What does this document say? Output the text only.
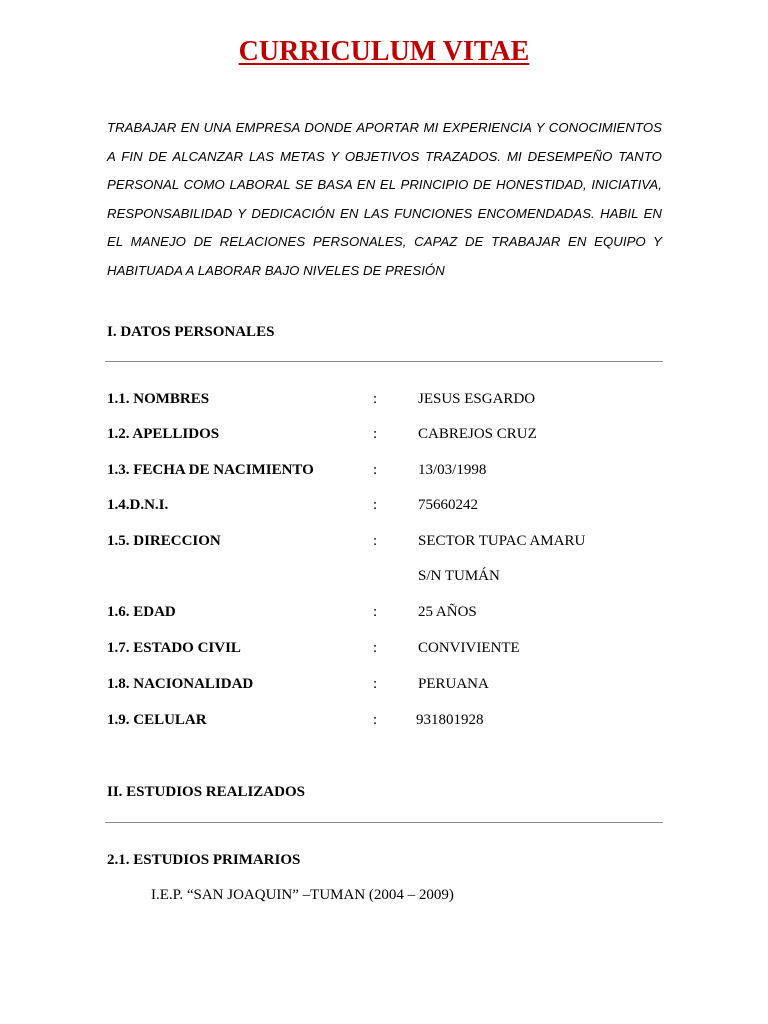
CURRICULUM VITAE

TRABAJAR EN UNA EMPRESA DONDE APORTAR MI EXPERIENCIA Y CONOCIMIENTOS A FIN DE ALCANZAR LAS METAS Y OBJETIVOS TRAZADOS. MI DESEMPEÑO TANTO PERSONAL COMO LABORAL SE BASA EN EL PRINCIPIO DE HONESTIDAD, INICIATIVA, RESPONSABILIDAD Y DEDICACIÓN EN LAS FUNCIONES ENCOMENDADAS. HABIL EN EL MANEJO DE RELACIONES PERSONALES, CAPAZ DE TRABAJAR EN EQUIPO Y HABITUADA A LABORAR BAJO NIVELES DE PRESIÓN

I. DATOS PERSONALES
1.1. NOMBRES	:	JESUS ESGARDO
1.2. APELLIDOS	:	CABREJOS CRUZ
1.3. FECHA DE NACIMIENTO	:	13/03/1998
1.4.D.N.I.	:	75660242
1.5. DIRECCION	:	SECTOR TUPAC AMARU
S/N TUMÁN
1.6. EDAD	:	25 AÑOS
1.7. ESTADO CIVIL	:	CONVIVIENTE
1.8. NACIONALIDAD	:	PERUANA
1.9. CELULAR	:	931801928
II. ESTUDIOS REALIZADOS
2.1. ESTUDIOS PRIMARIOS
I.E.P. “SAN JOAQUIN” –TUMAN (2004 – 2009)
